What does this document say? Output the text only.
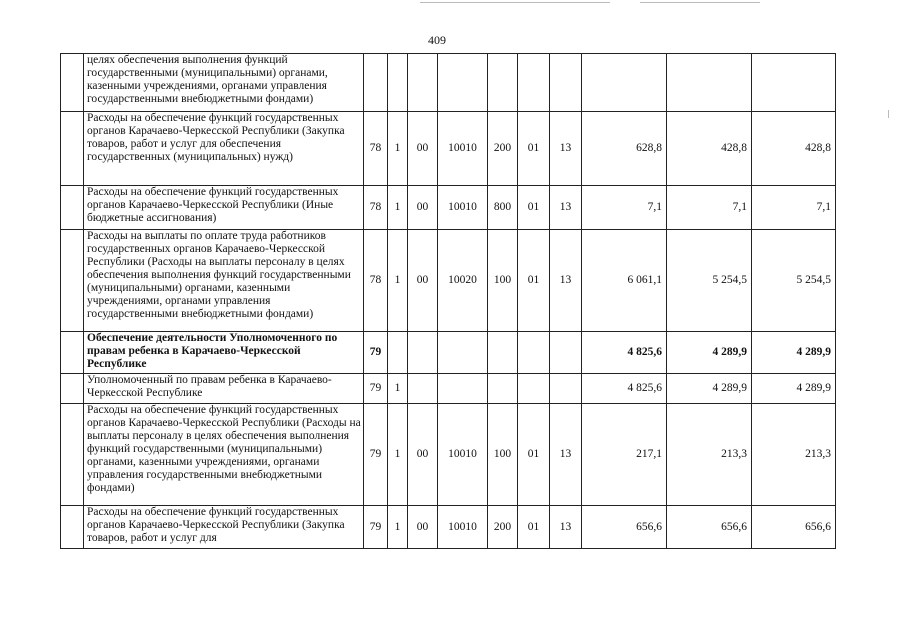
409
	целях обеспечения выполнения функций государственными (муниципальными) органами, казенными учреждениями, органами управления государственными внебюджетными фондами)										
	Расходы на обеспечение функций государственных органов Карачаево-Черкесской Республики (Закупка товаров, работ и услуг для обеспечения государственных (муниципальных) нужд)	78	1	00	10010	200	01	13	628,8	428,8	428,8
	Расходы на обеспечение функций государственных органов Карачаево-Черкесской Республики (Иные бюджетные ассигнования)	78	1	00	10010	800	01	13	7,1	7,1	7,1
	Расходы на выплаты по оплате труда работников государственных органов Карачаево-Черкесской Республики (Расходы на выплаты персоналу в целях обеспечения выполнения функций государственными (муниципальными) органами, казенными учреждениями, органами управления государственными внебюджетными фондами)	78	1	00	10020	100	01	13	6 061,1	5 254,5	5 254,5
	Обеспечение деятельности Уполномоченного по правам ребенка в Карачаево-Черкесской Республике	79							4 825,6	4 289,9	4 289,9
	Уполномоченный по правам ребенка в Карачаево-Черкесской Республике	79	1						4 825,6	4 289,9	4 289,9
	Расходы на обеспечение функций государственных органов Карачаево-Черкесской Республики (Расходы на выплаты персоналу в целях обеспечения выполнения функций государственными (муниципальными) органами, казенными учреждениями, органами управления государственными внебюджетными фондами)	79	1	00	10010	100	01	13	217,1	213,3	213,3
	Расходы на обеспечение функций государственных органов Карачаево-Черкесской Республики (Закупка товаров, работ и услуг для	79	1	00	10010	200	01	13	656,6	656,6	656,6
